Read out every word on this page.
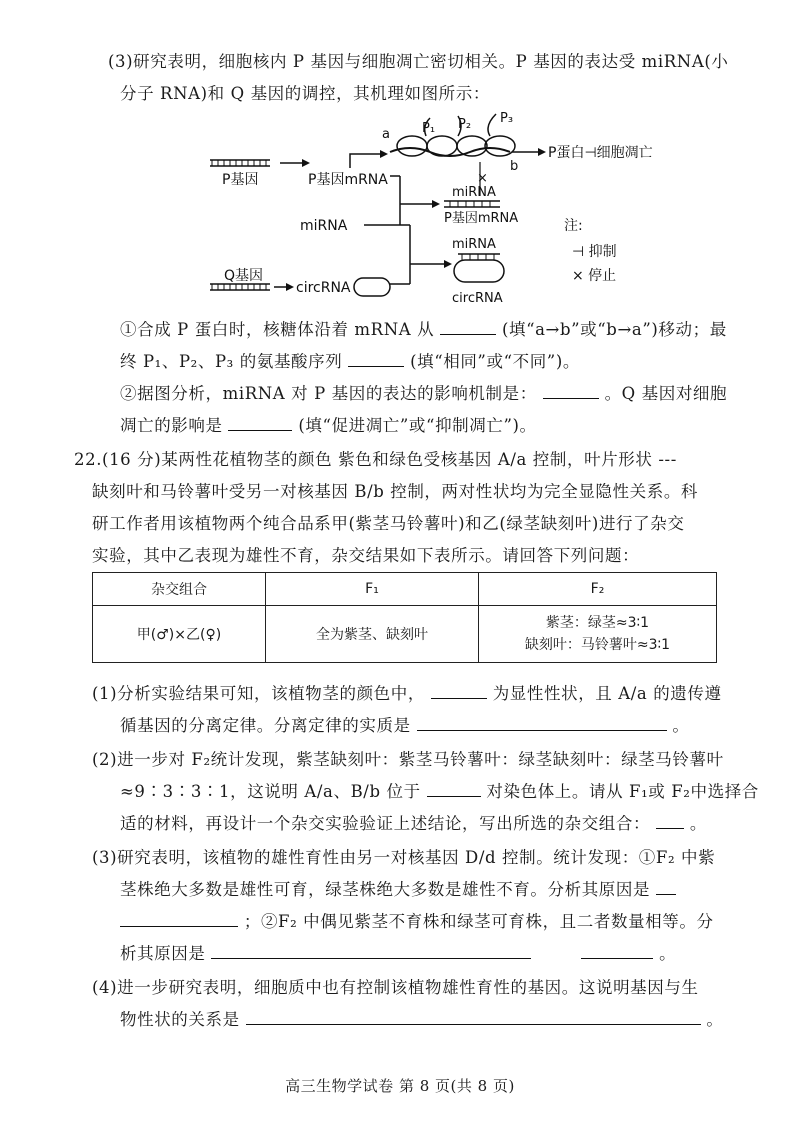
(3)研究表明，细胞核内 P 基因与细胞凋亡密切相关。P 基因的表达受 miRNA(小
分子 RNA)和 Q 基因的调控，其机理如图所示：
a
b
P₁ P₂ P₃
P蛋白⊣细胞凋亡
P基因	P基因mRNA	×
miRNA
P基因mRNA
miRNA
miRNA
circRNA
Q基因
circRNA
注:
⊣ 抑制
× 停止
①合成 P 蛋白时，核糖体沿着 mRNA 从	(填“a→b”或“b→a”)移动；最
终 P₁、P₂、P₃ 的氨基酸序列	(填“相同”或“不同”)。
②据图分析，miRNA 对 P 基因的表达的影响机制是：	。Q 基因对细胞
凋亡的影响是	(填“促进凋亡”或“抑制凋亡”)。
22.(16 分)某两性花植物茎的颜色 紫色和绿色受核基因 A/a 控制，叶片形状 ---
缺刻叶和马铃薯叶受另一对核基因 B/b 控制，两对性状均为完全显隐性关系。科
研工作者用该植物两个纯合品系甲(紫茎马铃薯叶)和乙(绿茎缺刻叶)进行了杂交
实验，其中乙表现为雄性不育，杂交结果如下表所示。请回答下列问题：
杂交组合	F₁	F₂
甲(♂)×乙(♀)	全为紫茎、缺刻叶	紫茎：绿茎≈3∶1
缺刻叶：马铃薯叶≈3∶1
(1)分析实验结果可知，该植物茎的颜色中，	为显性性状，且 A/a 的遗传遵
循基因的分离定律。分离定律的实质是	。
(2)进一步对 F₂统计发现，紫茎缺刻叶：紫茎马铃薯叶：绿茎缺刻叶：绿茎马铃薯叶
≈9∶3∶3∶1，这说明 A/a、B/b 位于	对染色体上。请从 F₁或 F₂中选择合
适的材料，再设计一个杂交实验验证上述结论，写出所选的杂交组合： 。
(3)研究表明，该植物的雄性育性由另一对核基因 D/d 控制。统计发现：①F₂ 中紫
茎株绝大多数是雄性可育，绿茎株绝大多数是雄性不育。分析其原因是
；②F₂ 中偶见紫茎不育株和绿茎可育株，且二者数量相等。分
析其原因是	。
(4)进一步研究表明，细胞质中也有控制该植物雄性育性的基因。这说明基因与生
物性状的关系是	。
高三生物学试卷 第 8 页(共 8 页)
